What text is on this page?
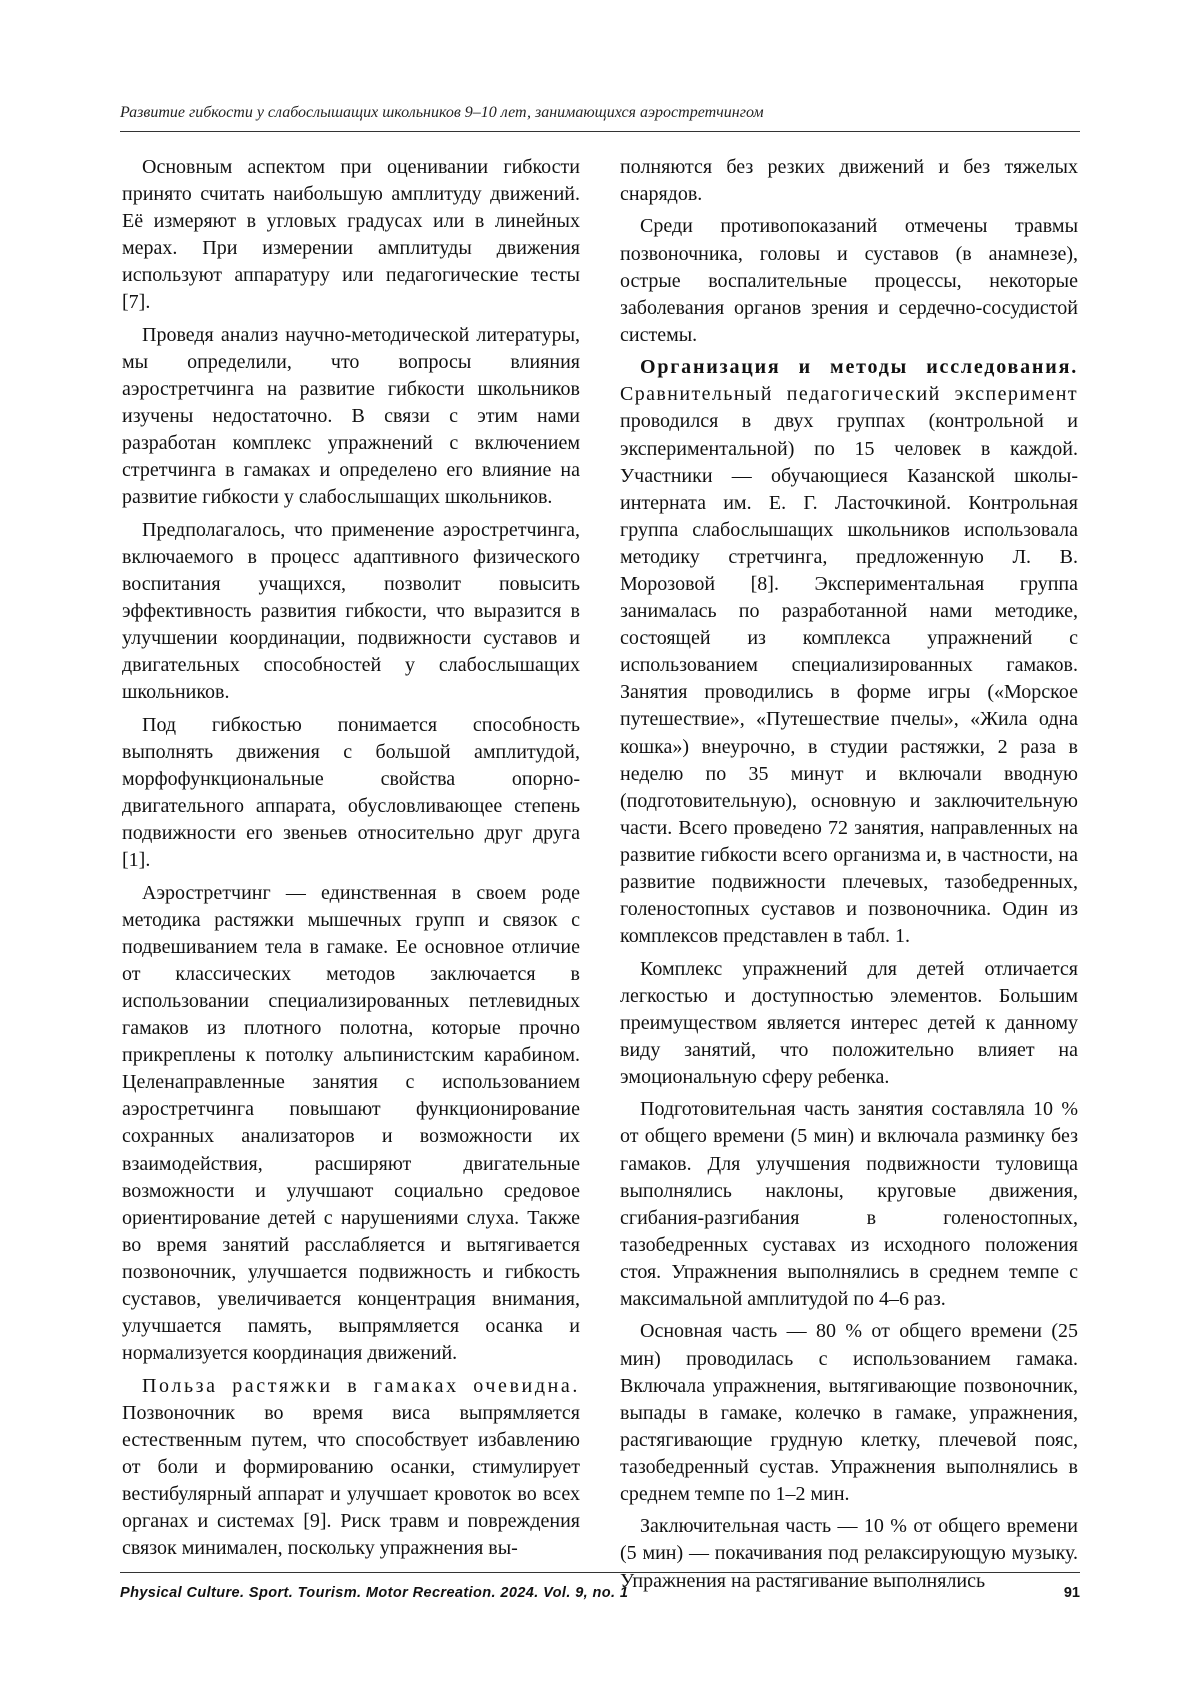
Развитие гибкости у слабослышащих школьников 9–10 лет, занимающихся аэростретчингом

Основным аспектом при оценивании гибкости принято считать наибольшую амплитуду движений. Её измеряют в угловых градусах или в линейных мерах. При измерении амплитуды движения используют аппаратуру или педагогические тесты [7].

Проведя анализ научно-методической литературы, мы определили, что вопросы влияния аэростретчинга на развитие гибкости школьников изучены недостаточно. В связи с этим нами разработан комплекс упражнений с включением стретчинга в гамаках и определено его влияние на развитие гибкости у слабослышащих школьников.

Предполагалось, что применение аэростретчинга, включаемого в процесс адаптивного физического воспитания учащихся, позволит повысить эффективность развития гибкости, что выразится в улучшении координации, подвижности суставов и двигательных способностей у слабослышащих школьников.

Под гибкостью понимается способность выполнять движения с большой амплитудой, морфофункциональные свойства опорно-двигательного аппарата, обусловливающее степень подвижности его звеньев относительно друг друга [1].

Аэростретчинг — единственная в своем роде методика растяжки мышечных групп и связок с подвешиванием тела в гамаке. Ее основное отличие от классических методов заключается в использовании специализированных петлевидных гамаков из плотного полотна, которые прочно прикреплены к потолку альпинистским карабином. Целенаправленные занятия с использованием аэростретчинга повышают функционирование сохранных анализаторов и возможности их взаимодействия, расширяют двигательные возможности и улучшают социально средовое ориентирование детей с нарушениями слуха. Также во время занятий расслабляется и вытягивается позвоночник, улучшается подвижность и гибкость суставов, увеличивается концентрация внимания, улучшается память, выпрямляется осанка и нормализуется координация движений.

Польза растяжки в гамаках очевидна. Позвоночник во время виса выпрямляется естественным путем, что способствует избавлению от боли и формированию осанки, стимулирует вестибулярный аппарат и улучшает кровоток во всех органах и системах [9]. Риск травм и повреждения связок минимален, поскольку упражнения вы-

полняются без резких движений и без тяжелых снарядов.

Среди противопоказаний отмечены травмы позвоночника, головы и суставов (в анамнезе), острые воспалительные процессы, некоторые заболевания органов зрения и сердечно-сосудистой системы.

Организация и методы исследования. Сравнительный педагогический эксперимент проводился в двух группах (контрольной и экспериментальной) по 15 человек в каждой. Участники — обучающиеся Казанской школы-интерната им. Е. Г. Ласточкиной. Контрольная группа слабослышащих школьников использовала методику стретчинга, предложенную Л. В. Морозовой [8]. Экспериментальная группа занималась по разработанной нами методике, состоящей из комплекса упражнений с использованием специализированных гамаков. Занятия проводились в форме игры («Морское путешествие», «Путешествие пчелы», «Жила одна кошка») внеурочно, в студии растяжки, 2 раза в неделю по 35 минут и включали вводную (подготовительную), основную и заключительную части. Всего проведено 72 занятия, направленных на развитие гибкости всего организма и, в частности, на развитие подвижности плечевых, тазобедренных, голеностопных суставов и позвоночника. Один из комплексов представлен в табл. 1.

Комплекс упражнений для детей отличается легкостью и доступностью элементов. Большим преимуществом является интерес детей к данному виду занятий, что положительно влияет на эмоциональную сферу ребенка.

Подготовительная часть занятия составляла 10 % от общего времени (5 мин) и включала разминку без гамаков. Для улучшения подвижности туловища выполнялись наклоны, круговые движения, сгибания-разгибания в голеностопных, тазобедренных суставах из исходного положения стоя. Упражнения выполнялись в среднем темпе с максимальной амплитудой по 4–6 раз.

Основная часть — 80 % от общего времени (25 мин) проводилась с использованием гамака. Включала упражнения, вытягивающие позвоночник, выпады в гамаке, колечко в гамаке, упражнения, растягивающие грудную клетку, плечевой пояс, тазобедренный сустав. Упражнения выполнялись в среднем темпе по 1–2 мин.

Заключительная часть — 10 % от общего времени (5 мин) — покачивания под релаксирующую музыку. Упражнения на растягивание выполнялись

Physical Culture. Sport. Tourism. Motor Recreation. 2024. Vol. 9, no. 1	91
